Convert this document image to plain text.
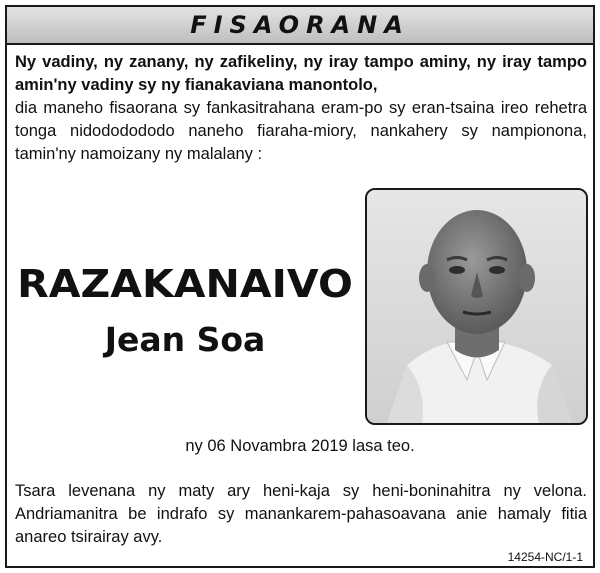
FISAORANA

Ny vadiny, ny zanany, ny zafikeliny, ny iray tampo aminy, ny iray tampo amin'ny vadiny sy ny fianakaviana manontolo,
dia maneho fisaorana sy fankasitrahana eram-po sy eran-tsaina ireo rehetra tonga nidododododo naneho fiaraha-miory, nankahery sy nampionona, tamin'ny namoizany ny malalany :

RAZAKANAIVO
Jean Soa

ny 06 Novambra 2019 lasa teo.

Tsara levenana ny maty ary heni-kaja sy heni-boninahitra ny velona. Andriamanitra be indrafo sy manankarem-pahasoavana anie hamaly fitia anareo tsirairay avy.

14254-NC/1-1
